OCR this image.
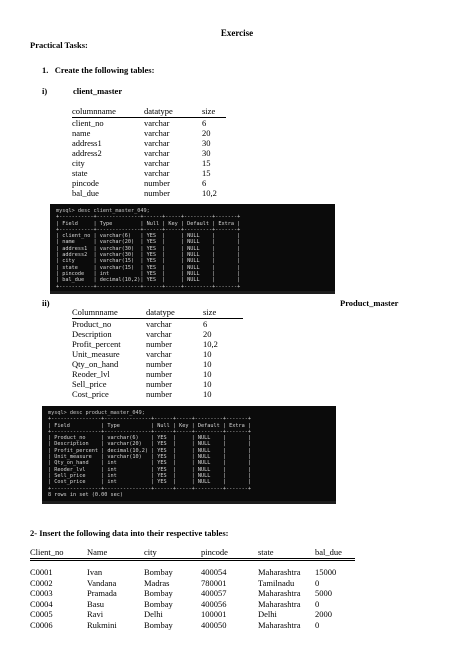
Exercise
Practical Tasks:
1.   Create the following tables:
i)	client_master
columnname	datatype	size
client_no	varchar	6
name	varchar	20
address1	varchar	30
address2	varchar	30
city	varchar	15
state	varchar	15
pincode	number	6
bal_due	number	10,2
mysql> desc client_master_049;
+-----------+--------------+------+-----+---------+-------+
| Field     | Type         | Null | Key | Default | Extra |
+-----------+--------------+------+-----+---------+-------+
| client_no | varchar(6)   | YES  |     | NULL    |       |
| name      | varchar(20)  | YES  |     | NULL    |       |
| address1  | varchar(30)  | YES  |     | NULL    |       |
| address2  | varchar(30)  | YES  |     | NULL    |       |
| city      | varchar(15)  | YES  |     | NULL    |       |
| state     | varchar(15)  | YES  |     | NULL    |       |
| pincode   | int          | YES  |     | NULL    |       |
| bal_due   | decimal(10,2)| YES  |     | NULL    |       |
+-----------+--------------+------+-----+---------+-------+
ii)	Product_master
Columnname	datatype	size
Product_no	varchar	6
Description	varchar	20
Profit_percent	number	10,2
Unit_measure	varchar	10
Qty_on_hand	number	10
Reoder_lvl	number	10
Sell_price	number	10
Cost_price	number	10
mysql> desc product_master_049;
+----------------+---------------+------+-----+---------+-------+
| Field          | Type          | Null | Key | Default | Extra |
+----------------+---------------+------+-----+---------+-------+
| Product_no     | varchar(6)    | YES  |     | NULL    |       |
| Description    | varchar(20)   | YES  |     | NULL    |       |
| Profit_percent | decimal(10,2) | YES  |     | NULL    |       |
| Unit_measure   | varchar(10)   | YES  |     | NULL    |       |
| Qty_on_hand    | int           | YES  |     | NULL    |       |
| Reoder_lvl     | int           | YES  |     | NULL    |       |
| Sell_price     | int           | YES  |     | NULL    |       |
| Cost_price     | int           | YES  |     | NULL    |       |
+----------------+---------------+------+-----+---------+-------+
8 rows in set (0.00 sec)
2- Insert the following data into their respective tables:
Client_no	Name	city	pincode	state	bal_due
C0001	Ivan	Bombay	400054	Maharashtra	15000
C0002	Vandana	Madras	780001	Tamilnadu	0
C0003	Pramada	Bombay	400057	Maharashtra	5000
C0004	Basu	Bombay	400056	Maharashtra	0
C0005	Ravi	Delhi	100001	Delhi	2000
C0006	Rukmini	Bombay	400050	Maharashtra	0
